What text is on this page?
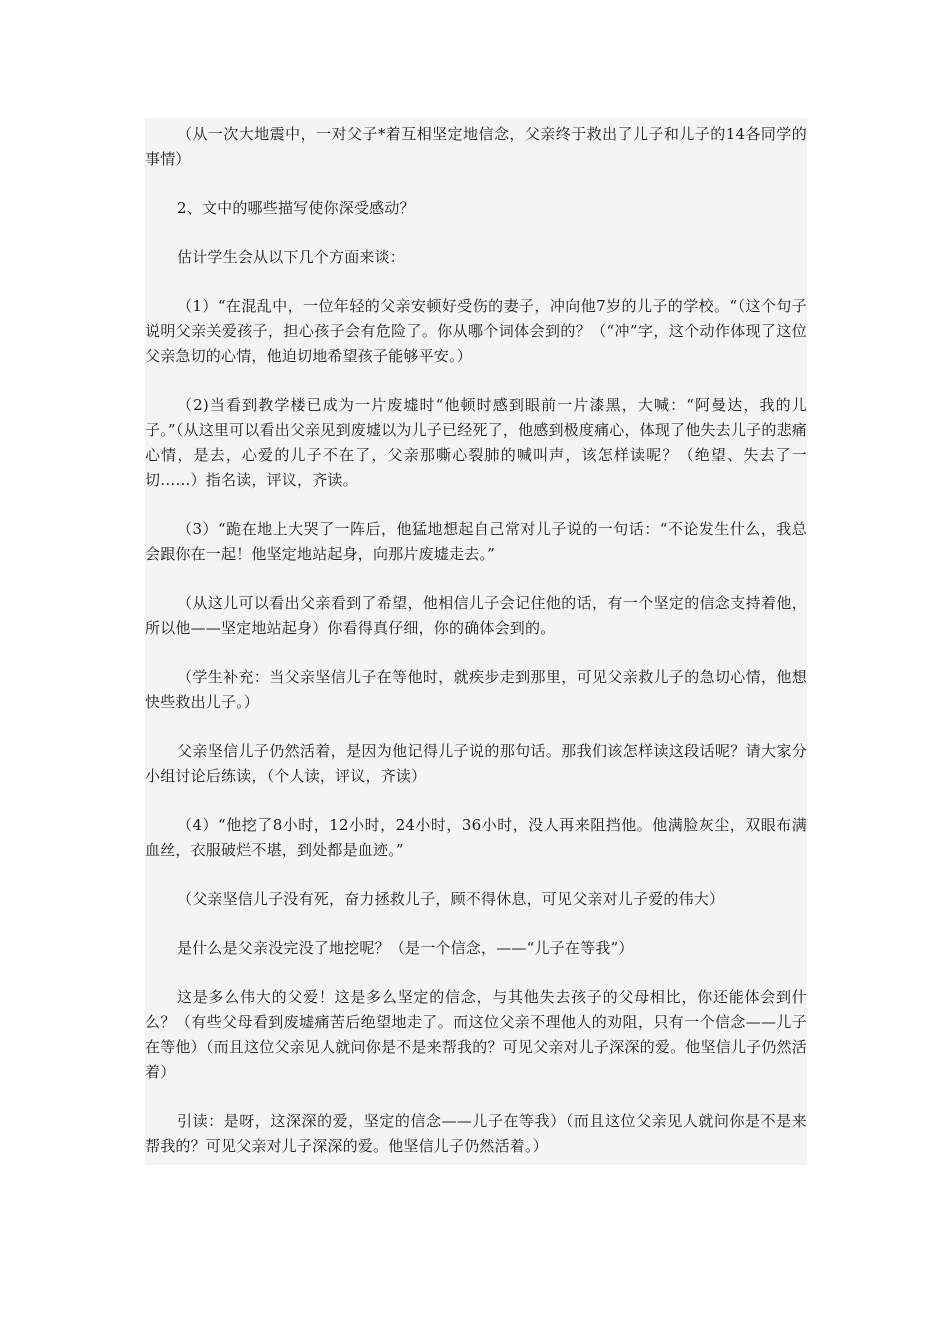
（从一次大地震中，一对父子*着互相坚定地信念，父亲终于救出了儿子和儿子的14各同学的事情）

2、文中的哪些描写使你深受感动？

估计学生会从以下几个方面来谈：

（1）“在混乱中，一位年轻的父亲安顿好受伤的妻子，冲向他7岁的儿子的学校。“（这个句子说明父亲关爱孩子，担心孩子会有危险了。你从哪个词体会到的？（“冲”字，这个动作体现了这位父亲急切的心情，他迫切地希望孩子能够平安。）

（2)当看到教学楼已成为一片废墟时“他顿时感到眼前一片漆黑，大喊：“阿曼达，我的儿子。”（从这里可以看出父亲见到废墟以为儿子已经死了，他感到极度痛心，体现了他失去儿子的悲痛心情，是去，心爱的儿子不在了，父亲那嘶心裂肺的喊叫声，该怎样读呢？（绝望、失去了一切……）指名读，评议，齐读。

（3）“跪在地上大哭了一阵后，他猛地想起自己常对儿子说的一句话：“不论发生什么，我总会跟你在一起！他坚定地站起身，向那片废墟走去。”

（从这儿可以看出父亲看到了希望，他相信儿子会记住他的话，有一个坚定的信念支持着他，所以他——坚定地站起身）你看得真仔细，你的确体会到的。

（学生补充：当父亲坚信儿子在等他时，就疾步走到那里，可见父亲救儿子的急切心情，他想快些救出儿子。）

父亲坚信儿子仍然活着，是因为他记得儿子说的那句话。那我们该怎样读这段话呢？请大家分小组讨论后练读，（个人读，评议，齐读）

（4）“他挖了8小时，12小时，24小时，36小时，没人再来阻挡他。他满脸灰尘，双眼布满血丝，衣服破烂不堪，到处都是血迹。”

（父亲坚信儿子没有死，奋力拯救儿子，顾不得休息，可见父亲对儿子爱的伟大）

是什么是父亲没完没了地挖呢？（是一个信念，——“儿子在等我”）

这是多么伟大的父爱！这是多么坚定的信念，与其他失去孩子的父母相比，你还能体会到什么？（有些父母看到废墟痛苦后绝望地走了。而这位父亲不理他人的劝阻，只有一个信念——儿子在等他）（而且这位父亲见人就问你是不是来帮我的？可见父亲对儿子深深的爱。他坚信儿子仍然活着）

引读：是呀，这深深的爱，坚定的信念——儿子在等我）（而且这位父亲见人就问你是不是来帮我的？可见父亲对儿子深深的爱。他坚信儿子仍然活着。）
